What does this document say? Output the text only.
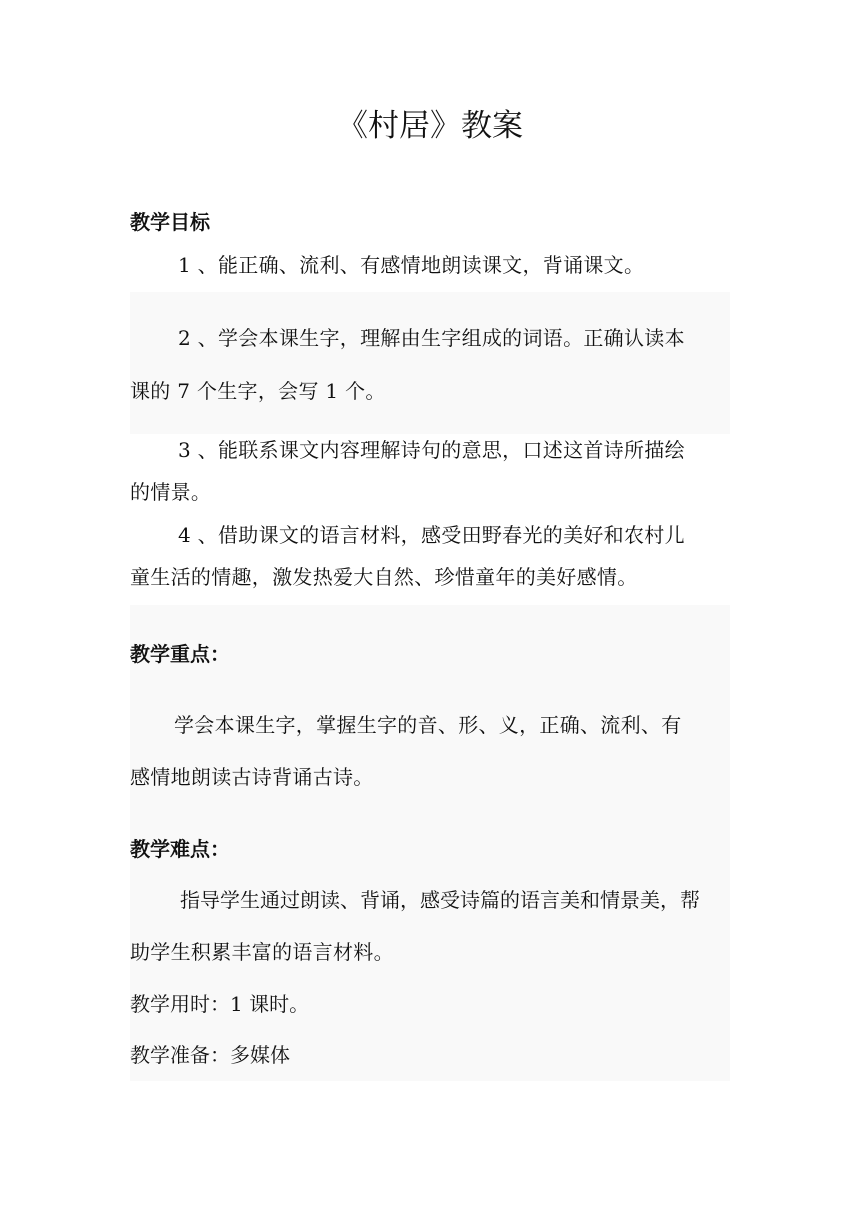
《村居》教案
教学目标
1 、能正确、流利、有感情地朗读课文，背诵课文。
2 、学会本课生字，理解由生字组成的词语。正确认读本
课的 7 个生字，会写 1 个。
3 、能联系课文内容理解诗句的意思，口述这首诗所描绘
的情景。
4 、借助课文的语言材料，感受田野春光的美好和农村儿
童生活的情趣，激发热爱大自然、珍惜童年的美好感情。
教学重点：
学会本课生字，掌握生字的音、形、义，正确、流利、有
感情地朗读古诗背诵古诗。
教学难点：
指导学生通过朗读、背诵，感受诗篇的语言美和情景美，帮
助学生积累丰富的语言材料。
教学用时：1 课时。
教学准备：多媒体
